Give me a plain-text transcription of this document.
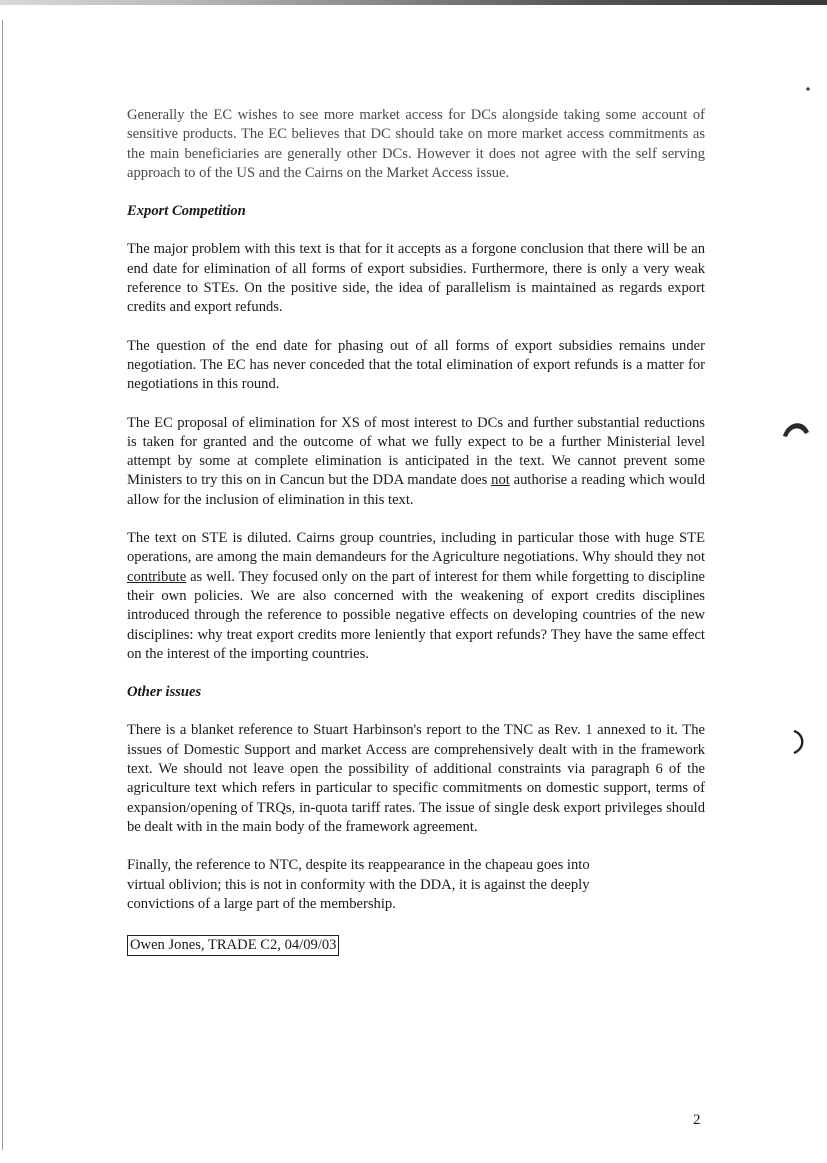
Generally the EC wishes to see more market access for DCs alongside taking some account of sensitive products. The EC believes that DC should take on more market access commitments as the main beneficiaries are generally other DCs. However it does not agree with the self serving approach to of the US and the Cairns on the Market Access issue.

Export Competition

The major problem with this text is that for it accepts as a forgone conclusion that there will be an end date for elimination of all forms of export subsidies. Furthermore, there is only a very weak reference to STEs. On the positive side, the idea of parallelism is maintained as regards export credits and export refunds.

The question of the end date for phasing out of all forms of export subsidies remains under negotiation. The EC has never conceded that the total elimination of export refunds is a matter for negotiations in this round.

The EC proposal of elimination for XS of most interest to DCs and further substantial reductions is taken for granted and the outcome of what we fully expect to be a further Ministerial level attempt by some at complete elimination is anticipated in the text. We cannot prevent some Ministers to try this on in Cancun but the DDA mandate does not authorise a reading which would allow for the inclusion of elimination in this text.

The text on STE is diluted. Cairns group countries, including in particular those with huge STE operations, are among the main demandeurs for the Agriculture negotiations. Why should they not contribute as well. They focused only on the part of interest for them while forgetting to discipline their own policies. We are also concerned with the weakening of export credits disciplines introduced through the reference to possible negative effects on developing countries of the new disciplines: why treat export credits more leniently that export refunds? They have the same effect on the interest of the importing countries.

Other issues

There is a blanket reference to Stuart Harbinson's report to the TNC as Rev. 1 annexed to it. The issues of Domestic Support and market Access are comprehensively dealt with in the framework text. We should not leave open the possibility of additional constraints via paragraph 6 of the agriculture text which refers in particular to specific commitments on domestic support, terms of expansion/opening of TRQs, in-quota tariff rates. The issue of single desk export privileges should be dealt with in the main body of the framework agreement.

Finally, the reference to NTC, despite its reappearance in the chapeau goes into
virtual oblivion; this is not in conformity with the DDA, it is against the deeply
convictions of a large part of the membership.

Owen Jones, TRADE C2, 04/09/03
2
